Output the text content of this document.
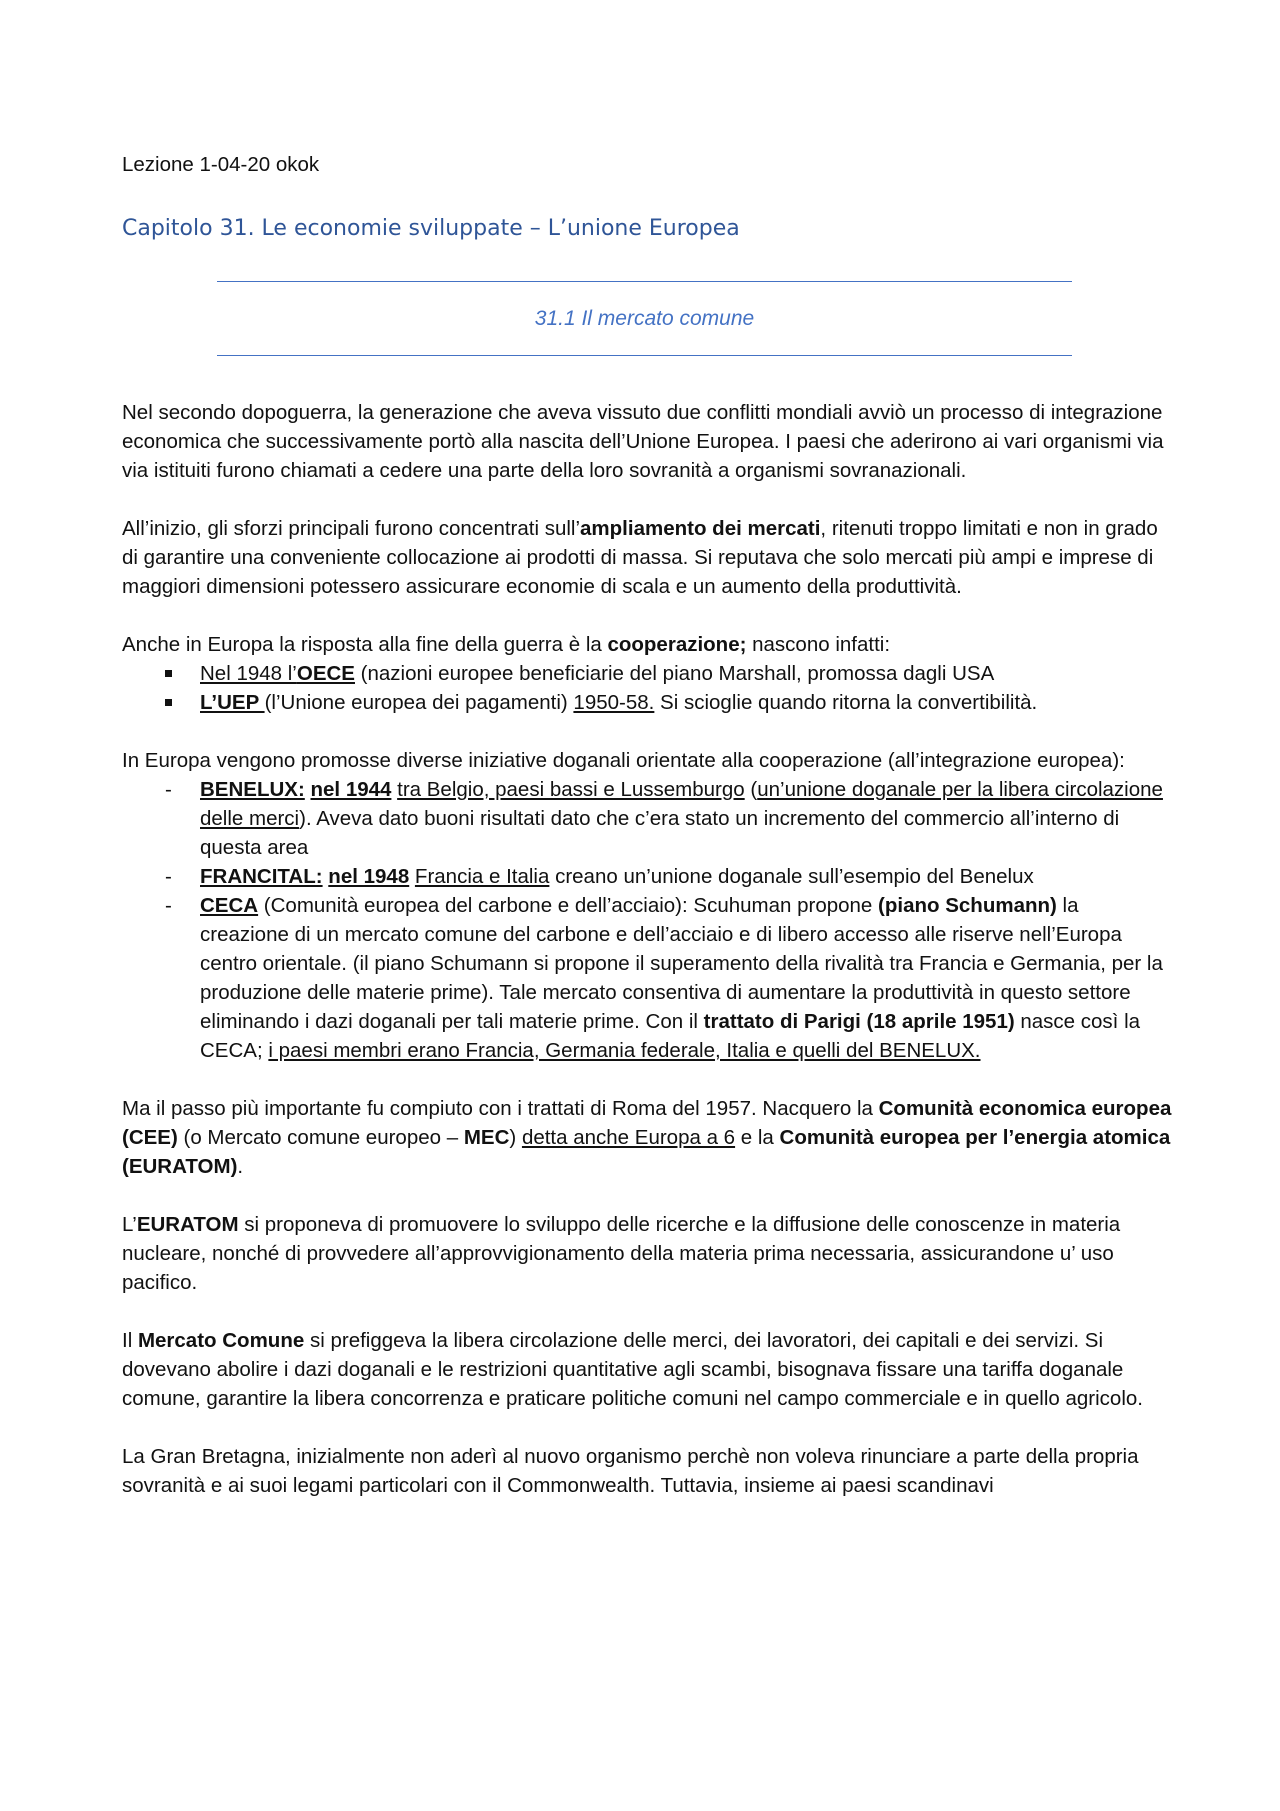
Lezione 1-04-20 okok
Capitolo 31. Le economie sviluppate – L’unione Europea
31.1 Il mercato comune

Nel secondo dopoguerra, la generazione che aveva vissuto due conflitti mondiali avviò un processo di integrazione economica che successivamente portò alla nascita dell’Unione Europea. I paesi che aderirono ai vari organismi via via istituiti furono chiamati a cedere una parte della loro sovranità a organismi sovranazionali.

All’inizio, gli sforzi principali furono concentrati sull’ampliamento dei mercati, ritenuti troppo limitati e non in grado di garantire una conveniente collocazione ai prodotti di massa. Si reputava che solo mercati più ampi e imprese di maggiori dimensioni potessero assicurare economie di scala e un aumento della produttività.

Anche in Europa la risposta alla fine della guerra è la cooperazione; nascono infatti:
Nel 1948 l’OECE (nazioni europee beneficiarie del piano Marshall, promossa dagli USA
L’UEP (l’Unione europea dei pagamenti) 1950-58. Si scioglie quando ritorna la convertibilità.
In Europa vengono promosse diverse iniziative doganali orientate alla cooperazione (all’integrazione europea):
- BENELUX: nel 1944 tra Belgio, paesi bassi e Lussemburgo (un’unione doganale per la libera circolazione delle merci). Aveva dato buoni risultati dato che c’era stato un incremento del commercio all’interno di questa area
- FRANCITAL: nel 1948 Francia e Italia creano un’unione doganale sull’esempio del Benelux
- CECA (Comunità europea del carbone e dell’acciaio): Scuhuman propone (piano Schumann) la creazione di un mercato comune del carbone e dell’acciaio e di libero accesso alle riserve nell’Europa centro orientale. (il piano Schumann si propone il superamento della rivalità tra Francia e Germania, per la produzione delle materie prime). Tale mercato consentiva di aumentare la produttività in questo settore eliminando i dazi doganali per tali materie prime. Con il trattato di Parigi (18 aprile 1951) nasce così la CECA; i paesi membri erano Francia, Germania federale, Italia e quelli del BENELUX.

Ma il passo più importante fu compiuto con i trattati di Roma del 1957. Nacquero la Comunità economica europea (CEE) (o Mercato comune europeo – MEC) detta anche Europa a 6 e la Comunità europea per l’energia atomica (EURATOM).

L’EURATOM si proponeva di promuovere lo sviluppo delle ricerche e la diffusione delle conoscenze in materia nucleare, nonché di provvedere all’approvvigionamento della materia prima necessaria, assicurandone u’ uso pacifico.

Il Mercato Comune si prefiggeva la libera circolazione delle merci, dei lavoratori, dei capitali e dei servizi. Si dovevano abolire i dazi doganali e le restrizioni quantitative agli scambi, bisognava fissare una tariffa doganale comune, garantire la libera concorrenza e praticare politiche comuni nel campo commerciale e in quello agricolo.

La Gran Bretagna, inizialmente non aderì al nuovo organismo perchè non voleva rinunciare a parte della propria sovranità e ai suoi legami particolari con il Commonwealth. Tuttavia, insieme ai paesi scandinavi
